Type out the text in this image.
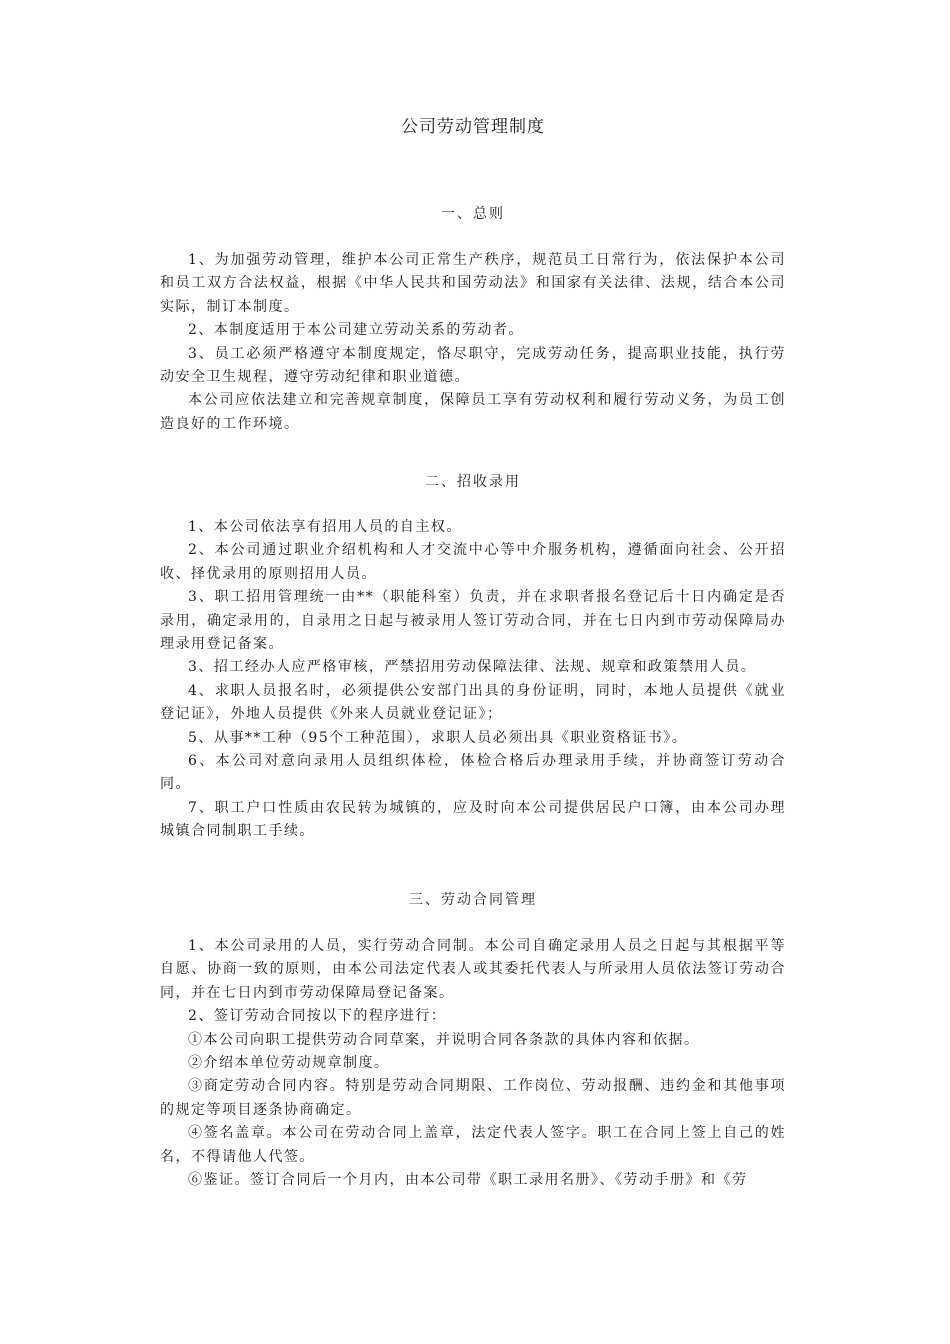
公司劳动管理制度
一、总则

1、为加强劳动管理，维护本公司正常生产秩序，规范员工日常行为，依法保护本公司和员工双方合法权益，根据《中华人民共和国劳动法》和国家有关法律、法规，结合本公司实际，制订本制度。

2、本制度适用于本公司建立劳动关系的劳动者。

3、员工必须严格遵守本制度规定，恪尽职守，完成劳动任务，提高职业技能，执行劳动安全卫生规程，遵守劳动纪律和职业道德。

本公司应依法建立和完善规章制度，保障员工享有劳动权利和履行劳动义务，为员工创造良好的工作环境。

二、招收录用

1、本公司依法享有招用人员的自主权。

2、本公司通过职业介绍机构和人才交流中心等中介服务机构，遵循面向社会、公开招收、择优录用的原则招用人员。

3、职工招用管理统一由**（职能科室）负责，并在求职者报名登记后十日内确定是否录用，确定录用的，自录用之日起与被录用人签订劳动合同，并在七日内到市劳动保障局办理录用登记备案。

3、招工经办人应严格审核，严禁招用劳动保障法律、法规、规章和政策禁用人员。

4、求职人员报名时，必须提供公安部门出具的身份证明，同时，本地人员提供《就业登记证》，外地人员提供《外来人员就业登记证》；

5、从事**工种（95个工种范围），求职人员必须出具《职业资格证书》。

6、本公司对意向录用人员组织体检，体检合格后办理录用手续，并协商签订劳动合同。

7、职工户口性质由农民转为城镇的，应及时向本公司提供居民户口簿，由本公司办理城镇合同制职工手续。

三、劳动合同管理

1、本公司录用的人员，实行劳动合同制。本公司自确定录用人员之日起与其根据平等自愿、协商一致的原则，由本公司法定代表人或其委托代表人与所录用人员依法签订劳动合同，并在七日内到市劳动保障局登记备案。

2、签订劳动合同按以下的程序进行：

①本公司向职工提供劳动合同草案，并说明合同各条款的具体内容和依据。

②介绍本单位劳动规章制度。

③商定劳动合同内容。特别是劳动合同期限、工作岗位、劳动报酬、违约金和其他事项的规定等项目逐条协商确定。

④签名盖章。本公司在劳动合同上盖章，法定代表人签字。职工在合同上签上自己的姓名，不得请他人代签。

⑥鉴证。签订合同后一个月内，由本公司带《职工录用名册》、《劳动手册》和《劳
